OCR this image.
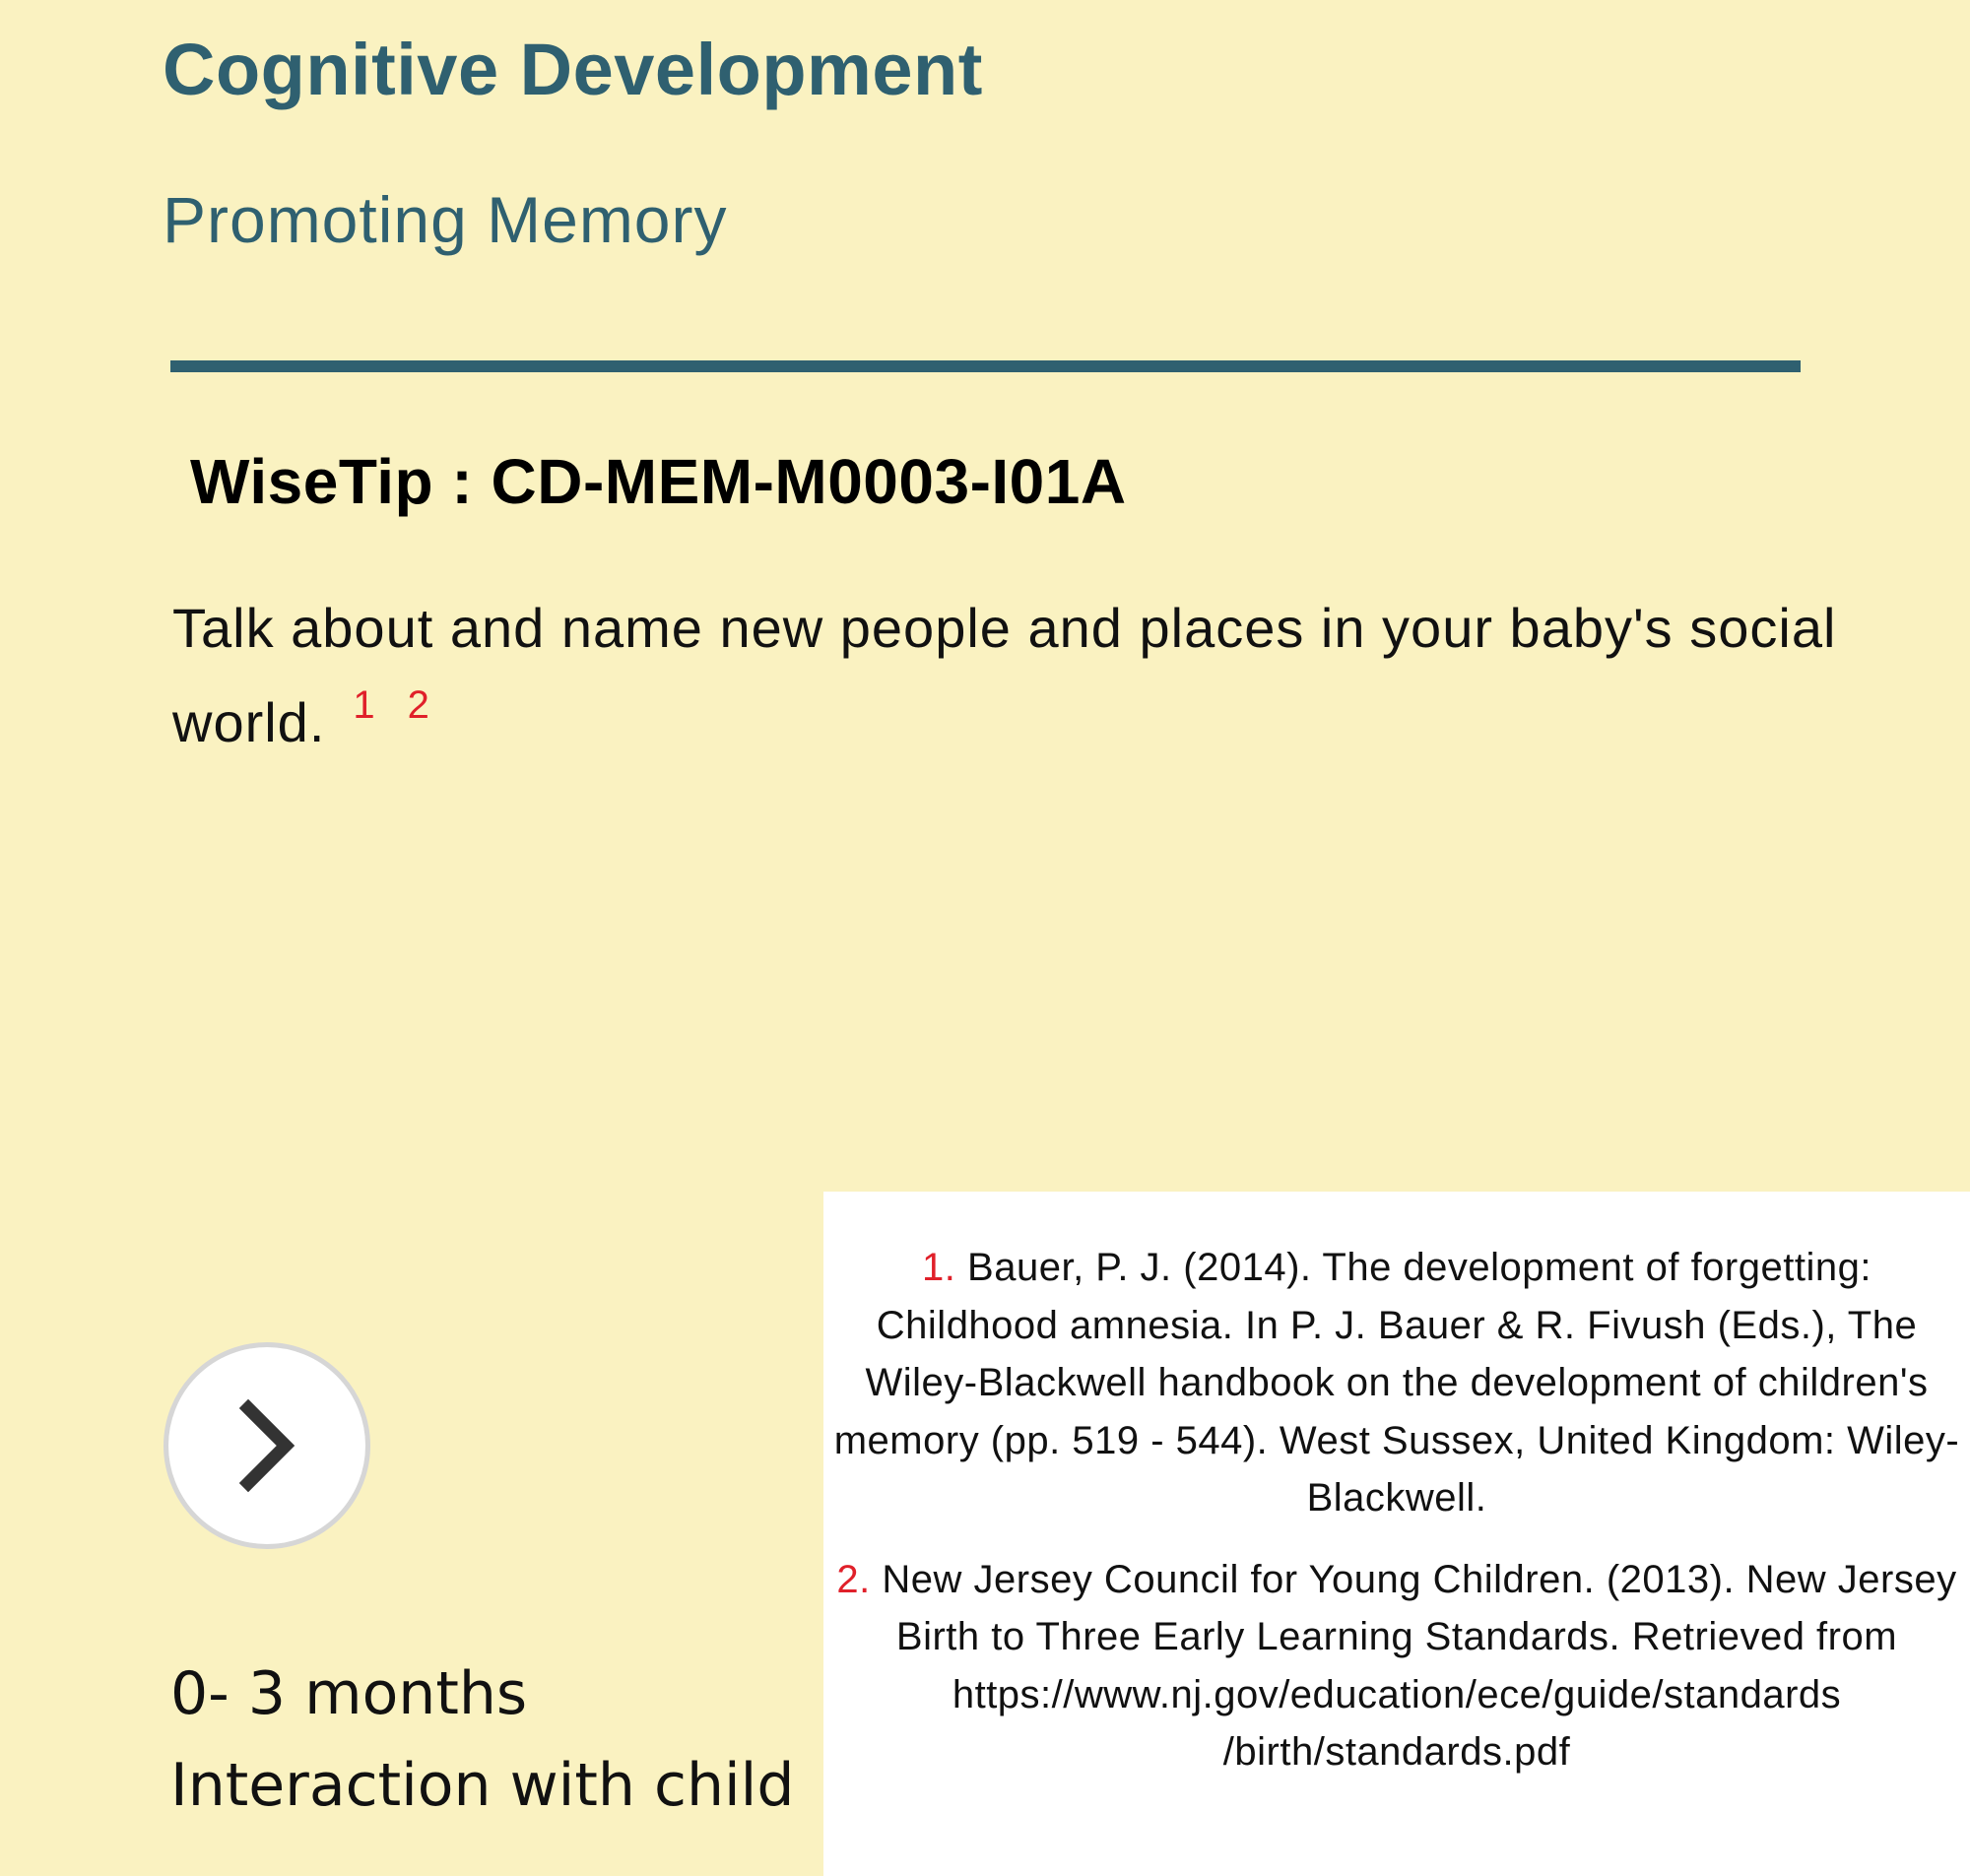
Cognitive Development
Promoting Memory
WiseTip : CD-MEM-M0003-I01A
Talk about and name new people and places in your baby's social world. $^1$ $^2$
0- 3 months
Interaction with child
1. Bauer, P. J. (2014). The development of forgetting: Childhood amnesia. In P. J. Bauer & R. Fivush (Eds.), The Wiley-Blackwell handbook on the development of children's memory (pp. 519 - 544). West Sussex, United Kingdom: Wiley-Blackwell.
2. New Jersey Council for Young Children. (2013). New Jersey Birth to Three Early Learning Standards. Retrieved from https://www.nj.gov/education/ece/guide/standards /birth/standards.pdf
